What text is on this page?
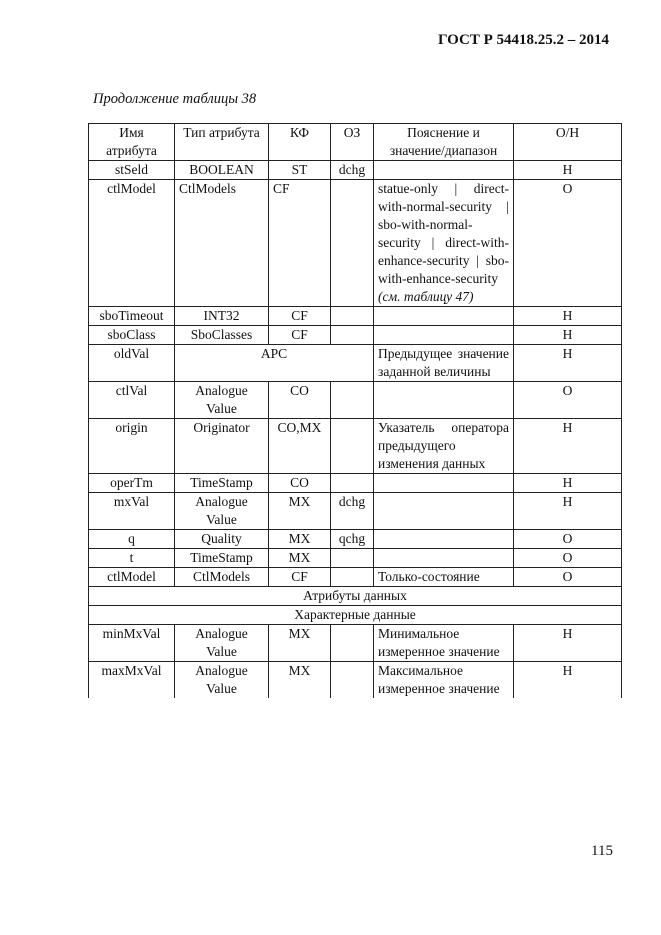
ГОСТ Р 54418.25.2 – 2014
Продолжение таблицы 38
Имя атрибута	Тип атрибута	КФ	ОЗ	Пояснение и значение/диапазон	О/Н
stSeld	BOOLEAN	ST	dchg		Н
ctlModel	CtlModels	CF		statue-only | direct-with-normal-security | sbo-with-normal-security | direct-with-enhance-security | sbo-with-enhance-security (см. таблицу 47)	О
sboTimeout	INT32	CF			Н
sboClass	SboClasses	CF			Н
oldVal	APC			Предыдущее значение заданной величины	Н
ctlVal	Analogue Value	CO			О
origin	Originator	CO,MX		Указатель оператора предыдущего изменения данных	Н
operTm	TimeStamp	CO			Н
mxVal	Analogue Value	MX	dchg		Н
q	Quality	MX	qchg		О
t	TimeStamp	MX			О
ctlModel	CtlModels	CF		Только-состояние	О
Атрибуты данных					
Характерные данные					
minMxVal	Analogue Value	MX		Минимальное измеренное значение	Н
maxMxVal	Analogue Value	MX		Максимальное измеренное значение	Н
115
